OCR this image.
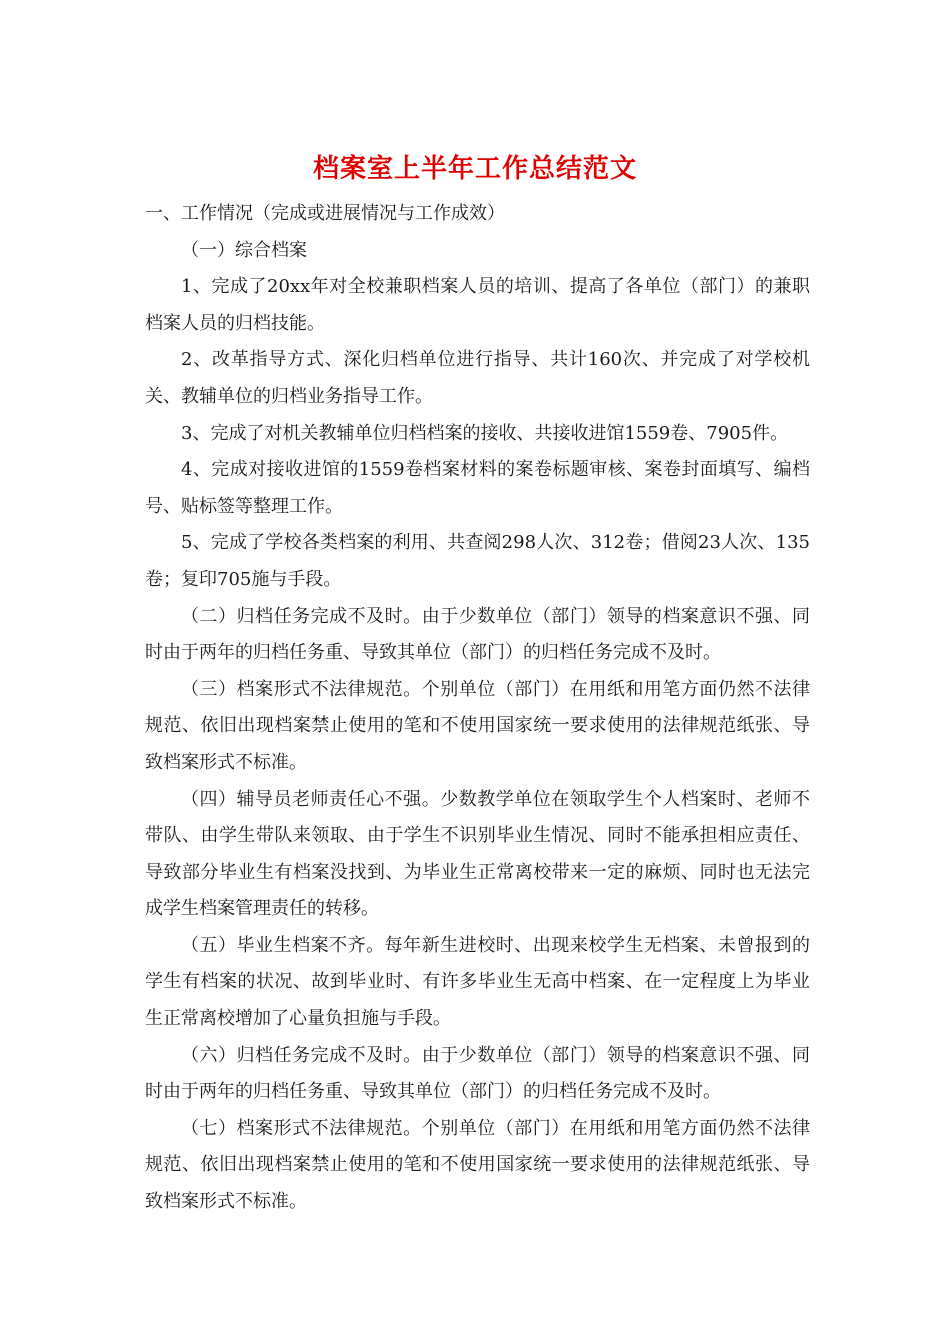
档案室上半年工作总结范文

一、工作情况（完成或进展情况与工作成效）

（一）综合档案

1、完成了20xx年对全校兼职档案人员的培训、提高了各单位（部门）的兼职档案人员的归档技能。

2、改革指导方式、深化归档单位进行指导、共计160次、并完成了对学校机关、教辅单位的归档业务指导工作。

3、完成了对机关教辅单位归档档案的接收、共接收进馆1559卷、7905件。

4、完成对接收进馆的1559卷档案材料的案卷标题审核、案卷封面填写、编档号、贴标签等整理工作。

5、完成了学校各类档案的利用、共查阅298人次、312卷；借阅23人次、135卷；复印705施与手段。

（二）归档任务完成不及时。由于少数单位（部门）领导的档案意识不强、同时由于两年的归档任务重、导致其单位（部门）的归档任务完成不及时。

（三）档案形式不法律规范。个别单位（部门）在用纸和用笔方面仍然不法律规范、依旧出现档案禁止使用的笔和不使用国家统一要求使用的法律规范纸张、导致档案形式不标准。

（四）辅导员老师责任心不强。少数教学单位在领取学生个人档案时、老师不带队、由学生带队来领取、由于学生不识别毕业生情况、同时不能承担相应责任、导致部分毕业生有档案没找到、为毕业生正常离校带来一定的麻烦、同时也无法完成学生档案管理责任的转移。

（五）毕业生档案不齐。每年新生进校时、出现来校学生无档案、未曾报到的学生有档案的状况、故到毕业时、有许多毕业生无高中档案、在一定程度上为毕业生正常离校增加了心量负担施与手段。

（六）归档任务完成不及时。由于少数单位（部门）领导的档案意识不强、同时由于两年的归档任务重、导致其单位（部门）的归档任务完成不及时。

（七）档案形式不法律规范。个别单位（部门）在用纸和用笔方面仍然不法律规范、依旧出现档案禁止使用的笔和不使用国家统一要求使用的法律规范纸张、导致档案形式不标准。
